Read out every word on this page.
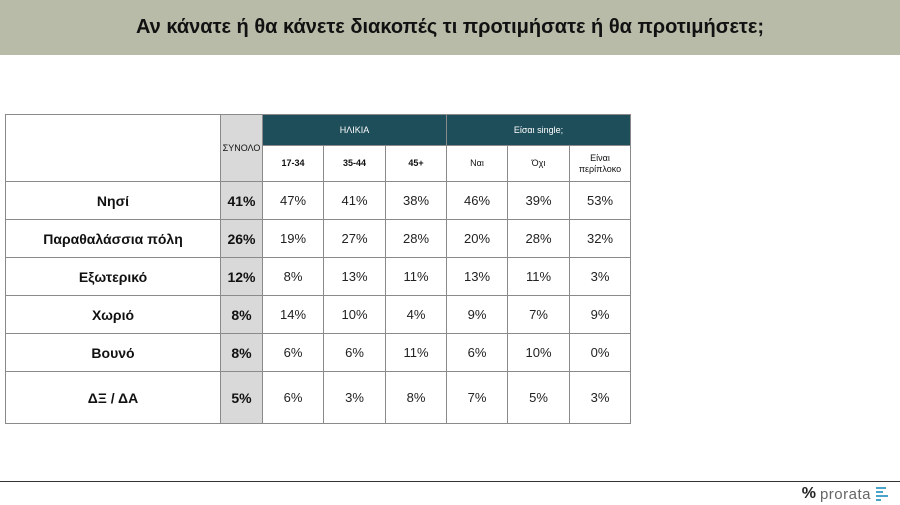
Αν κάνατε ή θα κάνετε διακοπές τι προτιμήσατε ή θα προτιμήσετε;
	ΣΥΝΟΛΟ	ΗΛΙΚΙΑ			Είσαι single;		
		17-34	35-44	45+	Ναι	Όχι	Είναι περίπλοκο
Νησί	41%	47%	41%	38%	46%	39%	53%
Παραθαλάσσια πόλη	26%	19%	27%	28%	20%	28%	32%
Εξωτερικό	12%	8%	13%	11%	13%	11%	3%
Χωριό	8%	14%	10%	4%	9%	7%	9%
Βουνό	8%	6%	6%	11%	6%	10%	0%
ΔΞ / ΔΑ	5%	6%	3%	8%	7%	5%	3%
% prorata
